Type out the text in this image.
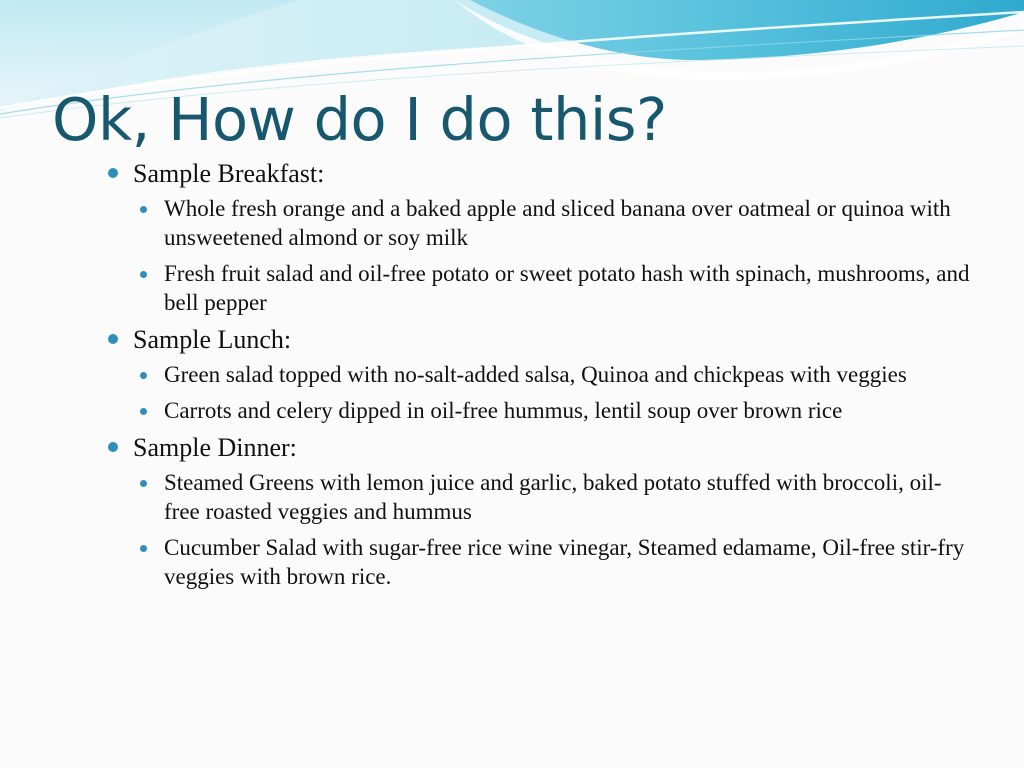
Ok, How do I do this?
Sample Breakfast:
Whole fresh orange and a baked apple and sliced banana over oatmeal or quinoa with unsweetened almond or soy milk
Fresh fruit salad and oil-free potato or sweet potato hash with spinach, mushrooms, and bell pepper
Sample Lunch:
Green salad topped with no-salt-added salsa, Quinoa and chickpeas with veggies
Carrots and celery dipped in oil-free hummus, lentil soup over brown rice
Sample Dinner:
Steamed Greens with lemon juice and garlic, baked potato stuffed with broccoli, oil-free roasted veggies and hummus
Cucumber Salad with sugar-free rice wine vinegar, Steamed edamame, Oil-free stir-fry veggies with brown rice.
